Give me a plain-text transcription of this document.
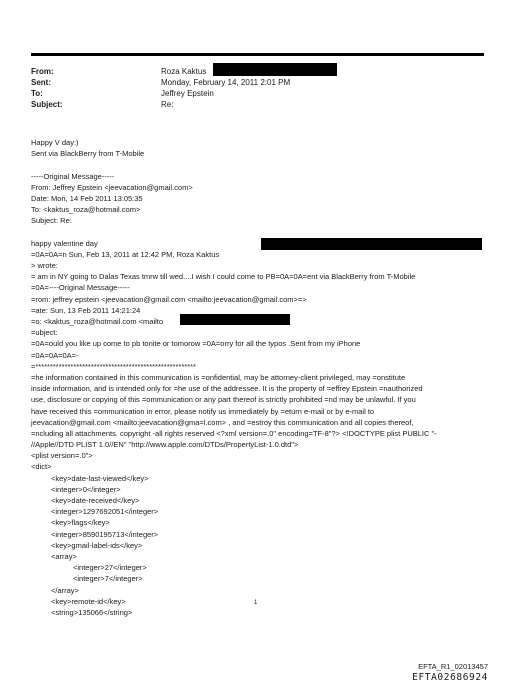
From:	Roza Kaktus
Sent:	Monday, February 14, 2011 2:01 PM
To:	Jeffrey Epstein
Subject:	Re:
Happy V day:)
Sent via BlackBerry from T-Mobile
-----Original Message-----
From: Jeffrey Epstein <jeevacation@gmail.com>
Date: Mon, 14 Feb 2011 13:05:35
To: <kaktus_roza@hotmail.com>
Subject: Re:
happy valentine day
=0A=0A=n Sun, Feb 13, 2011 at 12:42 PM, Roza Kaktus
> wrote:
= am in NY going to Dalas Texas tmrw till wed....I wish I could come to PB=0A=0A=ent via BlackBerry from T-Mobile
=0A=----Original Message-----
=rom: jeffrey epstein <jeevacation@gmail.com <mailto:jeevacation@gmail.com>=>
=ate: Sun, 13 Feb 2011 14:21:24
=o: <kaktus_roza@hotmail.com <mailto
=ubject:
=0A=ould you like up come to pb tonite or tomorow =0A=orry for all the typos .Sent from my iPhone
=0A=0A=0A=-
=*******************************************************
=he information contained in this communication is =onfidential, may be attorney-client privileged, may =onstitute
inside information, and is intended only for =he use of the addressee. It is the property of =effrey Epstein =nauthorized
use, disclosure or copying of this =ommunication or any part thereof is strictly prohibited =nd may be unlawful. If you
have received this =ommunication in error, please notify us immediately by =eturn e-mail or by e-mail to
jeevacation@gmail.com <mailto:jeevacation@gma=l.com> , and =estroy this communication and all copies thereof,
=ncluding all attachments. copyright -all rights reserved <?xml version=.0" encoding=TF-8"?> <!DOCTYPE plist PUBLIC "-
//Apple//DTD PLIST 1.0//EN" "http://www.apple.com/DTDs/PropertyList-1.0.dtd">
<plist version=.0">
<dict>
<key>date-last-viewed</key>
<integer>0</integer>
<key>date-received</key>
<integer>1297692051</integer>
<key>flags</key>
<integer>8590195713</integer>
<key>gmail-label-ids</key>
<array>
<integer>27</integer>
<integer>7</integer>
</array>
<key>remote-id</key>
<string>135066</string>
1
EFTA_R1_02013457
EFTA02686924
